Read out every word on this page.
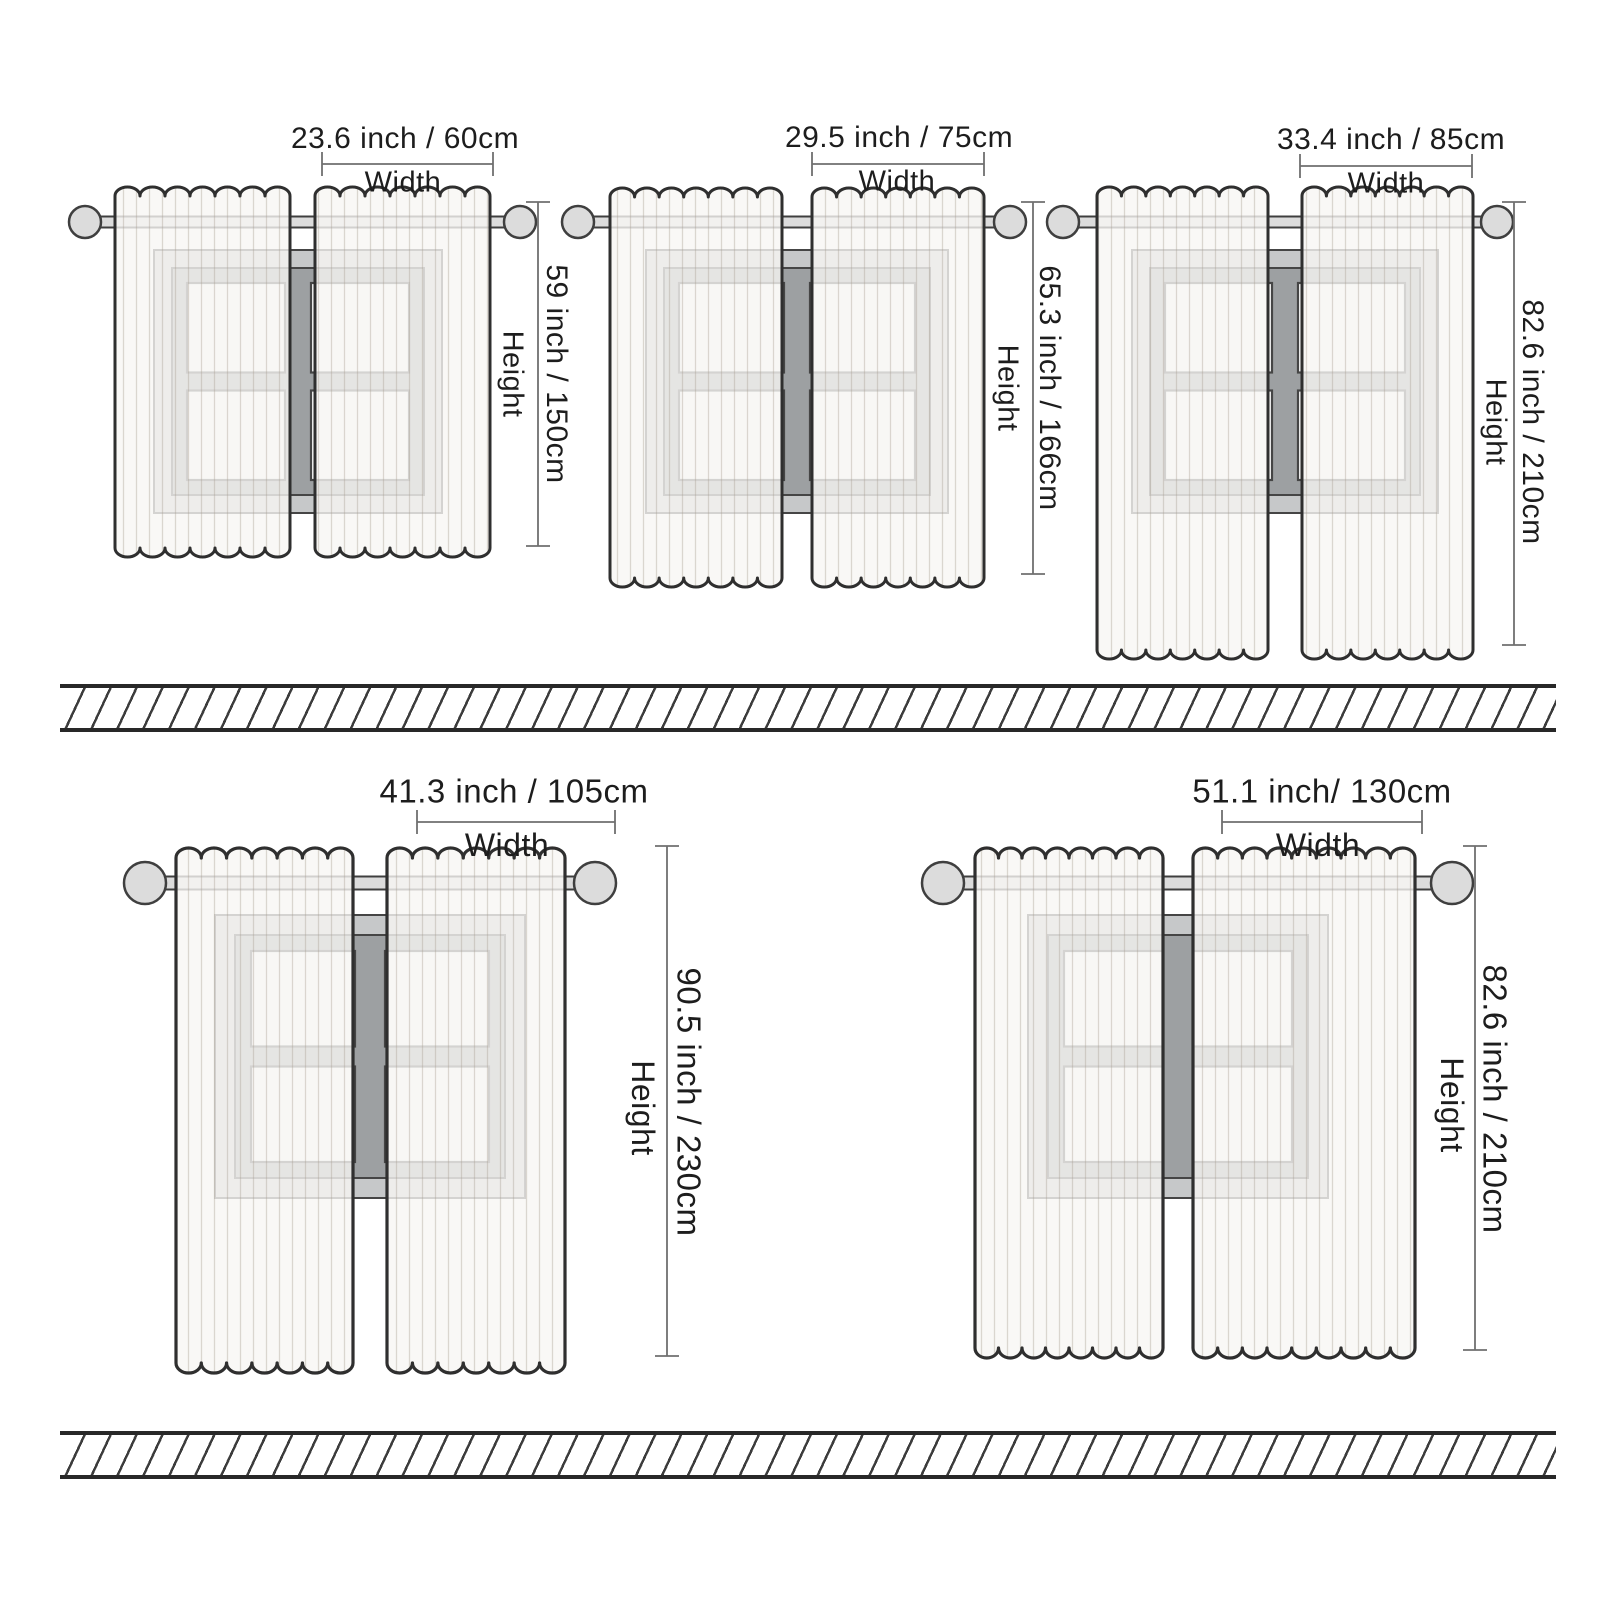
23.6 inch / 60cm
Width
59 inch / 150cm
Height
29.5 inch / 75cm
Width
65.3 inch / 166cm
Height
33.4 inch / 85cm
Width
82.6 inch / 210cm
Height
41.3 inch / 105cm
Width
90.5 inch / 230cm
Height
51.1 inch/ 130cm
Width
82.6 inch / 210cm
Height
